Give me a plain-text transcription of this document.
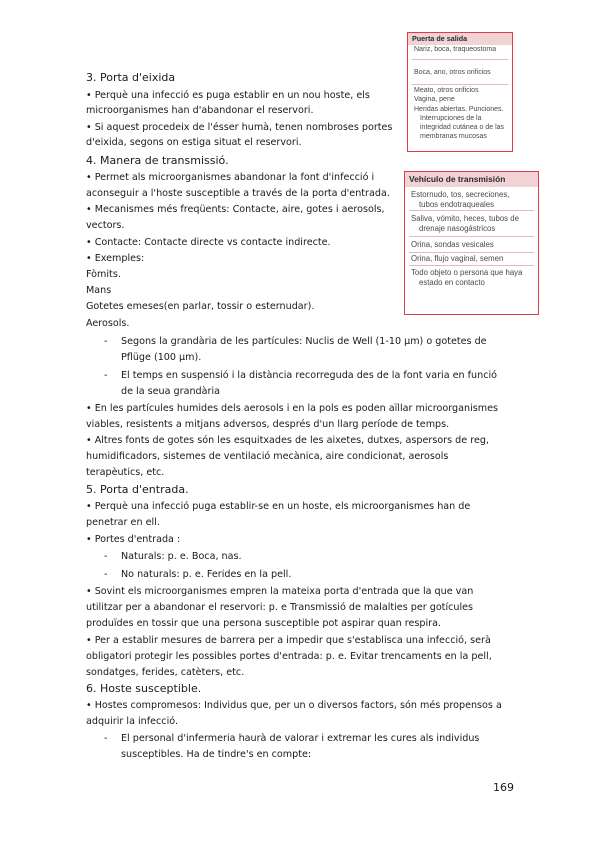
Puerta de salida
Nariz, boca, traqueostoma
Boca, ano, otros orificios
Meato, otros orificios
Vagina, pene
Heridas abiertas. Punciones.
Interrupciones de la
integridad cutánea o de las
membranas mucosas
Vehículo de transmisión
Estornudo, tos, secreciones,
tubos endotraqueales
Saliva, vómito, heces, tubos de
drenaje nasogástricos
Orina, sondas vesicales
Orina, flujo vaginal, semen
Todo objeto o persona que haya
estado en contacto
3. Porta d'eixida
• Perquè una infecció es puga establir en un nou hoste, els
microorganismes han d'abandonar el reservori.
• Si aquest procedeix de l'ésser humà, tenen nombroses portes
d'eixida, segons on estiga situat el reservori.
4. Manera de transmissió.
• Permet als microorganismes abandonar la font d'infecció i
aconseguir a l'hoste susceptible a través de la porta d'entrada.
• Mecanismes més freqüents: Contacte, aire, gotes i aerosols,
vectors.
• Contacte: Contacte directe vs contacte indirecte.
• Exemples:
Fòmits.
Mans
Gotetes emeses(en parlar, tossir o esternudar).
Aerosols.
- Segons la grandària de les partícules: Nuclis de Well (1-10 µm) o gotetes de
Pflüge (100 µm).
- El temps en suspensió i la distància recorreguda des de la font varia en funció
de la seua grandària
• En les partícules humides dels aerosols i en la pols es poden aïllar microorganismes
viables, resistents a mitjans adversos, després d'un llarg període de temps.
• Altres fonts de gotes són les esquitxades de les aixetes, dutxes, aspersors de reg,
humidificadors, sistemes de ventilació mecànica, aire condicionat, aerosols
terapèutics, etc.
5. Porta d'entrada.
• Perquè una infecció puga establir-se en un hoste, els microorganismes han de
penetrar en ell.
• Portes d'entrada :
- Naturals: p. e. Boca, nas.
- No naturals: p. e. Ferides en la pell.
• Sovint els microorganismes empren la mateixa porta d'entrada que la que van
utilitzar per a abandonar el reservori: p. e Transmissió de malalties per gotícules
produïdes en tossir que una persona susceptible pot aspirar quan respira.
• Per a establir mesures de barrera per a impedir que s'establisca una infecció, serà
obligatori protegir les possibles portes d'entrada: p. e. Evitar trencaments en la pell,
sondatges, ferides, catèters, etc.
6. Hoste susceptible.
• Hostes compromesos: Individus que, per un o diversos factors, són més propensos a
adquirir la infecció.
- El personal d'infermeria haurà de valorar i extremar les cures als individus
susceptibles. Ha de tindre's en compte:
169
